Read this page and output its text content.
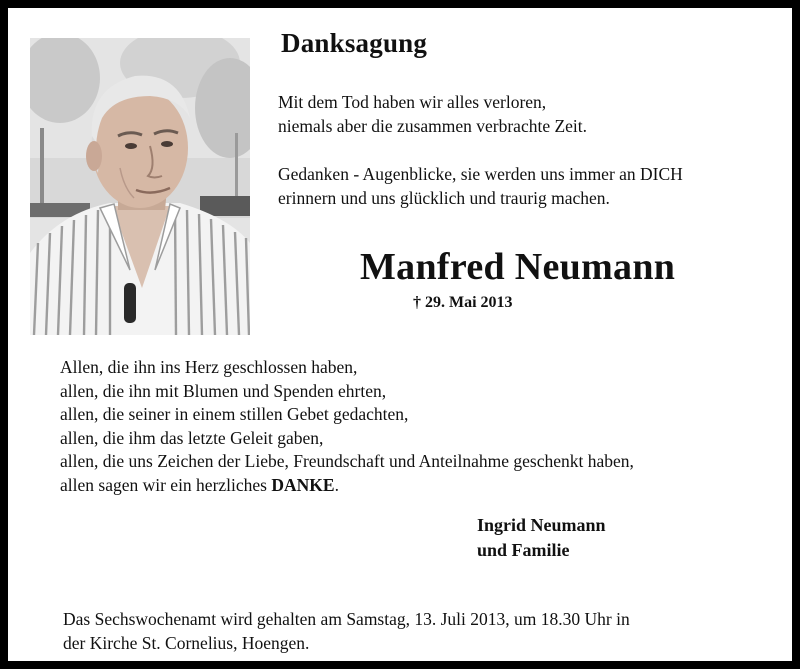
Danksagung

Mit dem Tod haben wir alles verloren,
niemals aber die zusammen verbrachte Zeit.

Gedanken - Augenblicke, sie werden uns immer an DICH
erinnern und uns glücklich und traurig machen.

Manfred Neumann
† 29. Mai 2013
Allen, die ihn ins Herz geschlossen haben,
allen, die ihn mit Blumen und Spenden ehrten,
allen, die seiner in einem stillen Gebet gedachten,
allen, die ihm das letzte Geleit gaben,
allen, die uns Zeichen der Liebe, Freundschaft und Anteilnahme geschenkt haben,
allen sagen wir ein herzliches DANKE.
Ingrid Neumann
und Familie
Das Sechswochenamt wird gehalten am Samstag, 13. Juli 2013, um 18.30 Uhr in
der Kirche St. Cornelius, Hoengen.
